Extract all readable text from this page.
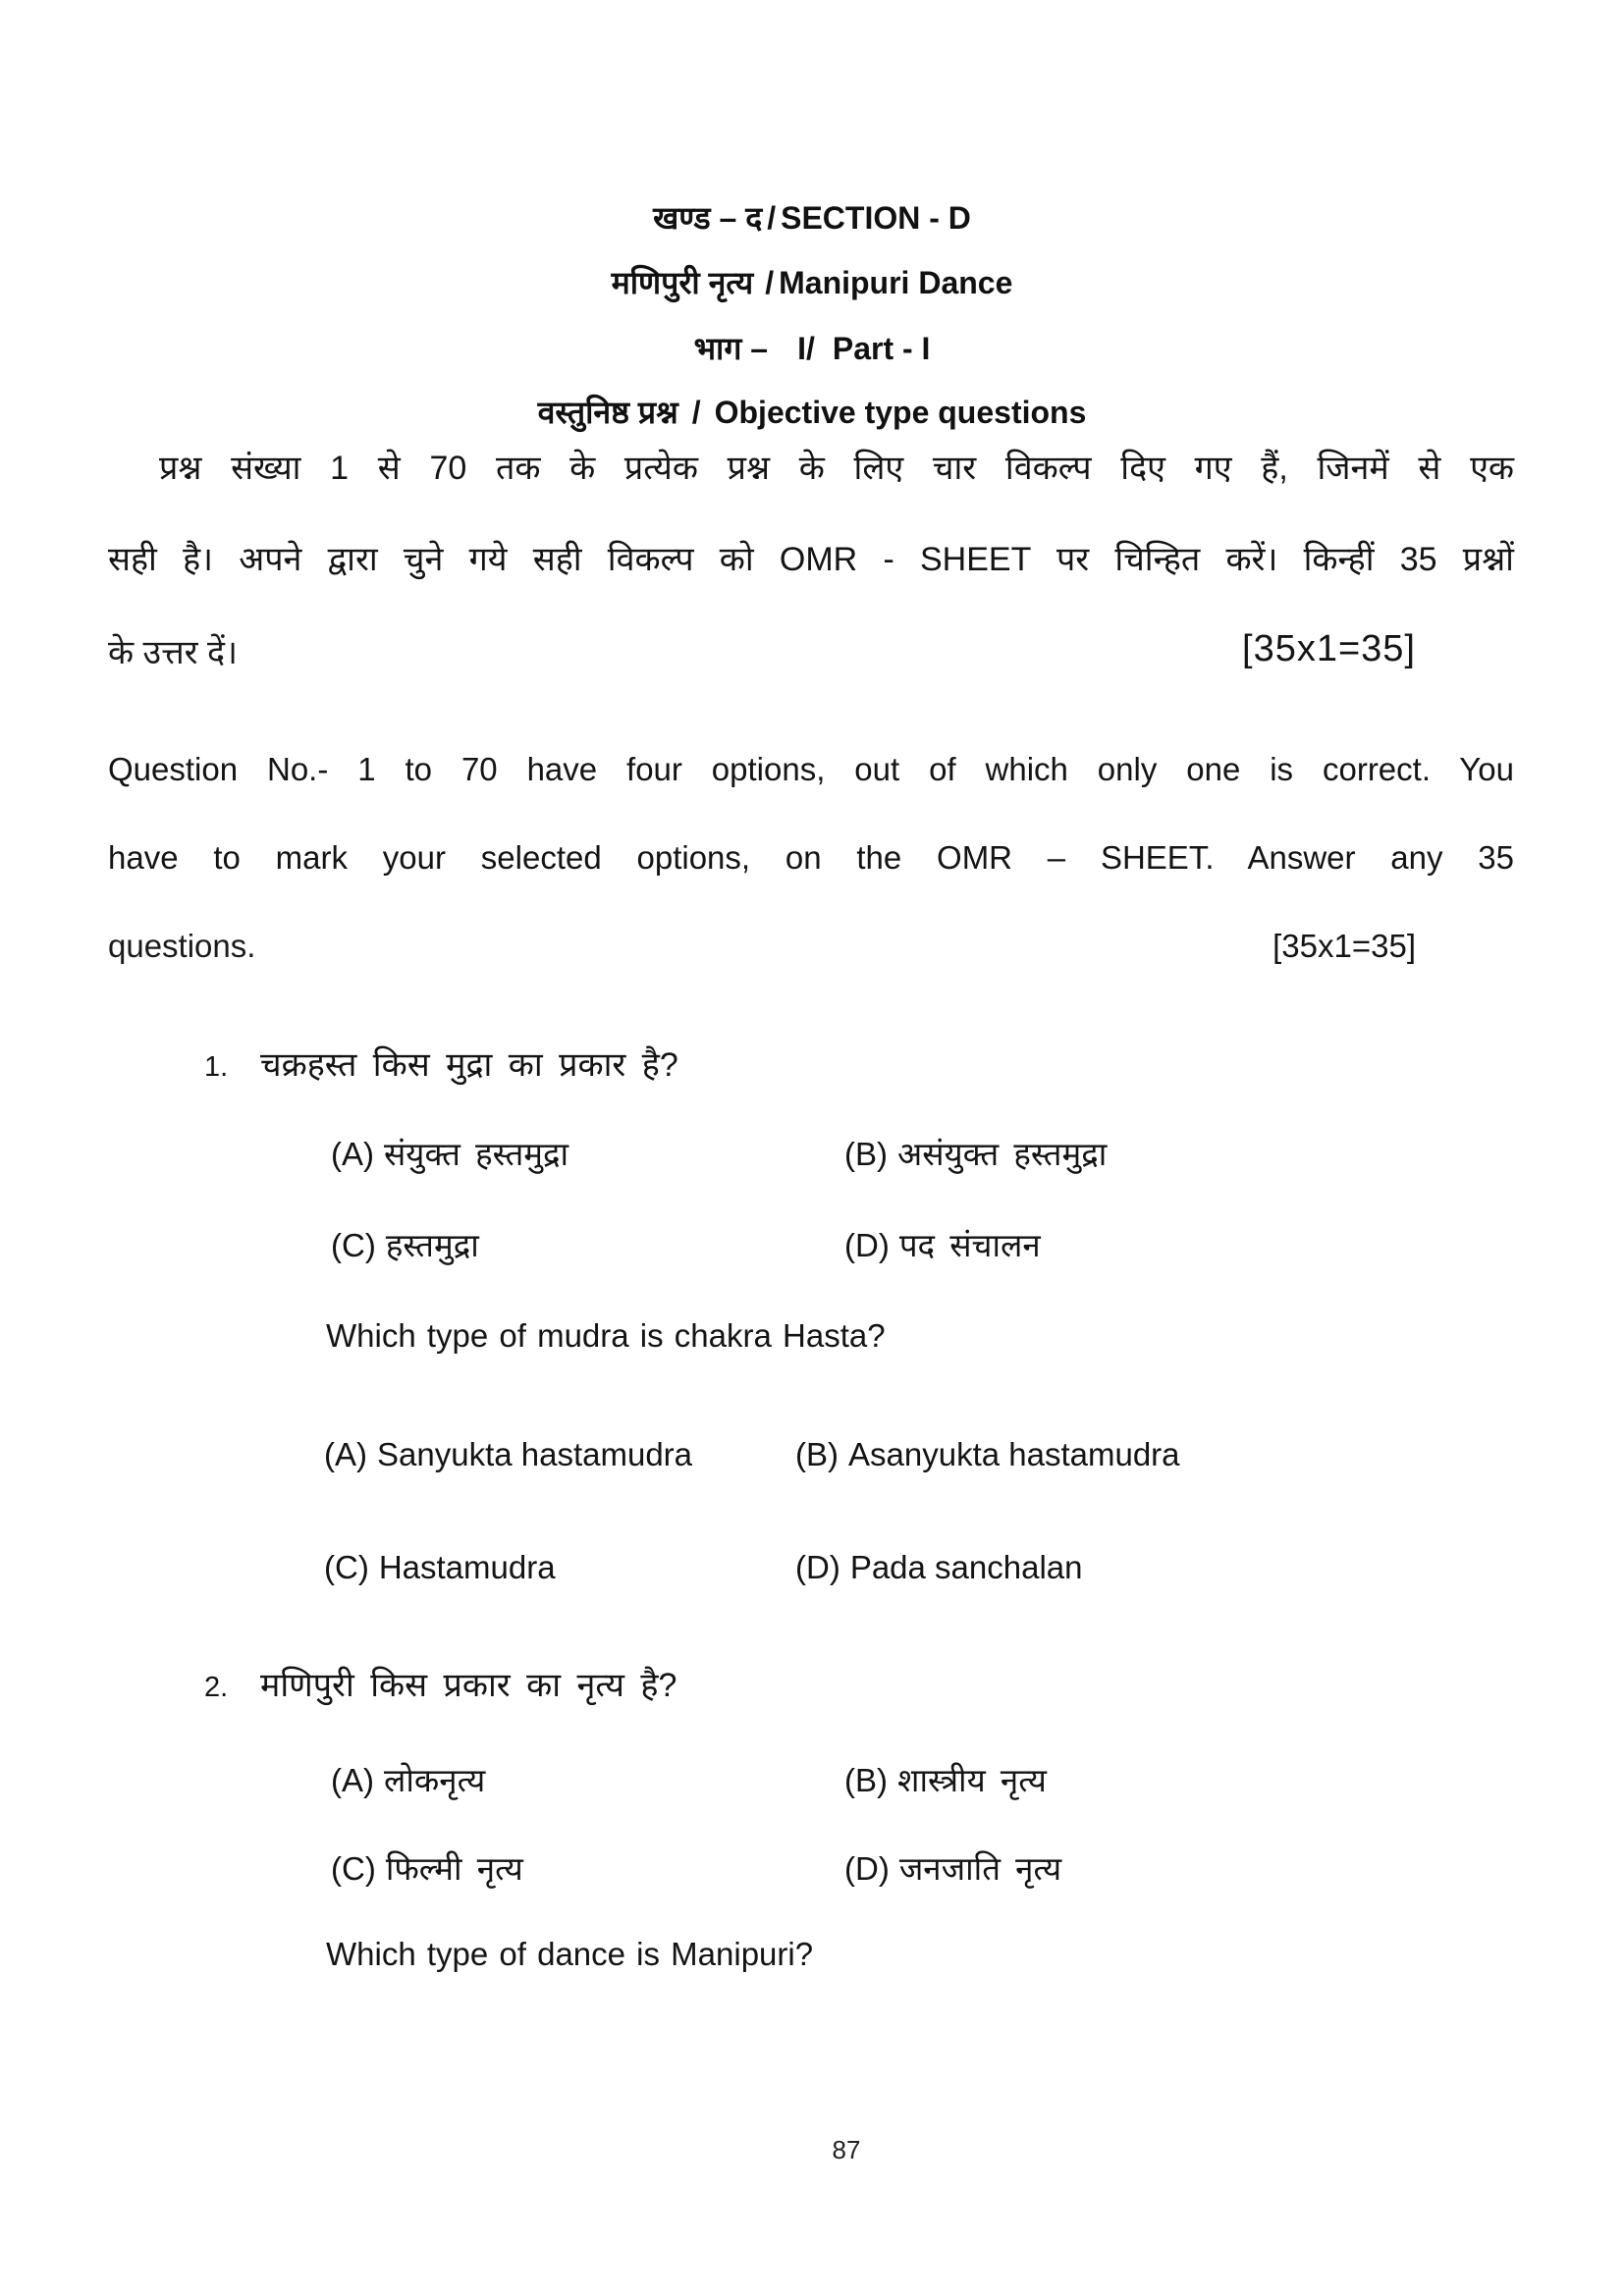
खण्ड – द / SECTION - D
मणिपुरी नृत्य / Manipuri Dance
भाग – I/ Part - I
वस्तुनिष्ठ प्रश्न / Objective type questions
प्रश्न संख्या 1 से 70 तक के प्रत्येक प्रश्न के लिए चार विकल्प दिए गए हैं, जिनमें से एक
सही है। अपने द्वारा चुने गये सही विकल्प को OMR - SHEET पर चिन्हित करें। किन्हीं 35 प्रश्नों
के उत्तर दें।	[35x1=35]
Question No.- 1 to 70 have four options, out of which only one is correct. You
have to mark your selected options, on the OMR – SHEET. Answer any 35
questions.	[35x1=35]
1. चक्रहस्त किस मुद्रा का प्रकार है?
(A) संयुक्त हस्तमुद्रा	(B) असंयुक्त हस्तमुद्रा
(C) हस्तमुद्रा	(D) पद संचालन
Which type of mudra is chakra Hasta?
(A) Sanyukta hastamudra	(B) Asanyukta hastamudra
(C) Hastamudra	(D) Pada sanchalan
2. मणिपुरी किस प्रकार का नृत्य है?
(A) लोकनृत्य	(B) शास्त्रीय नृत्य
(C) फिल्मी नृत्य	(D) जनजाति नृत्य
Which type of dance is Manipuri?
87
